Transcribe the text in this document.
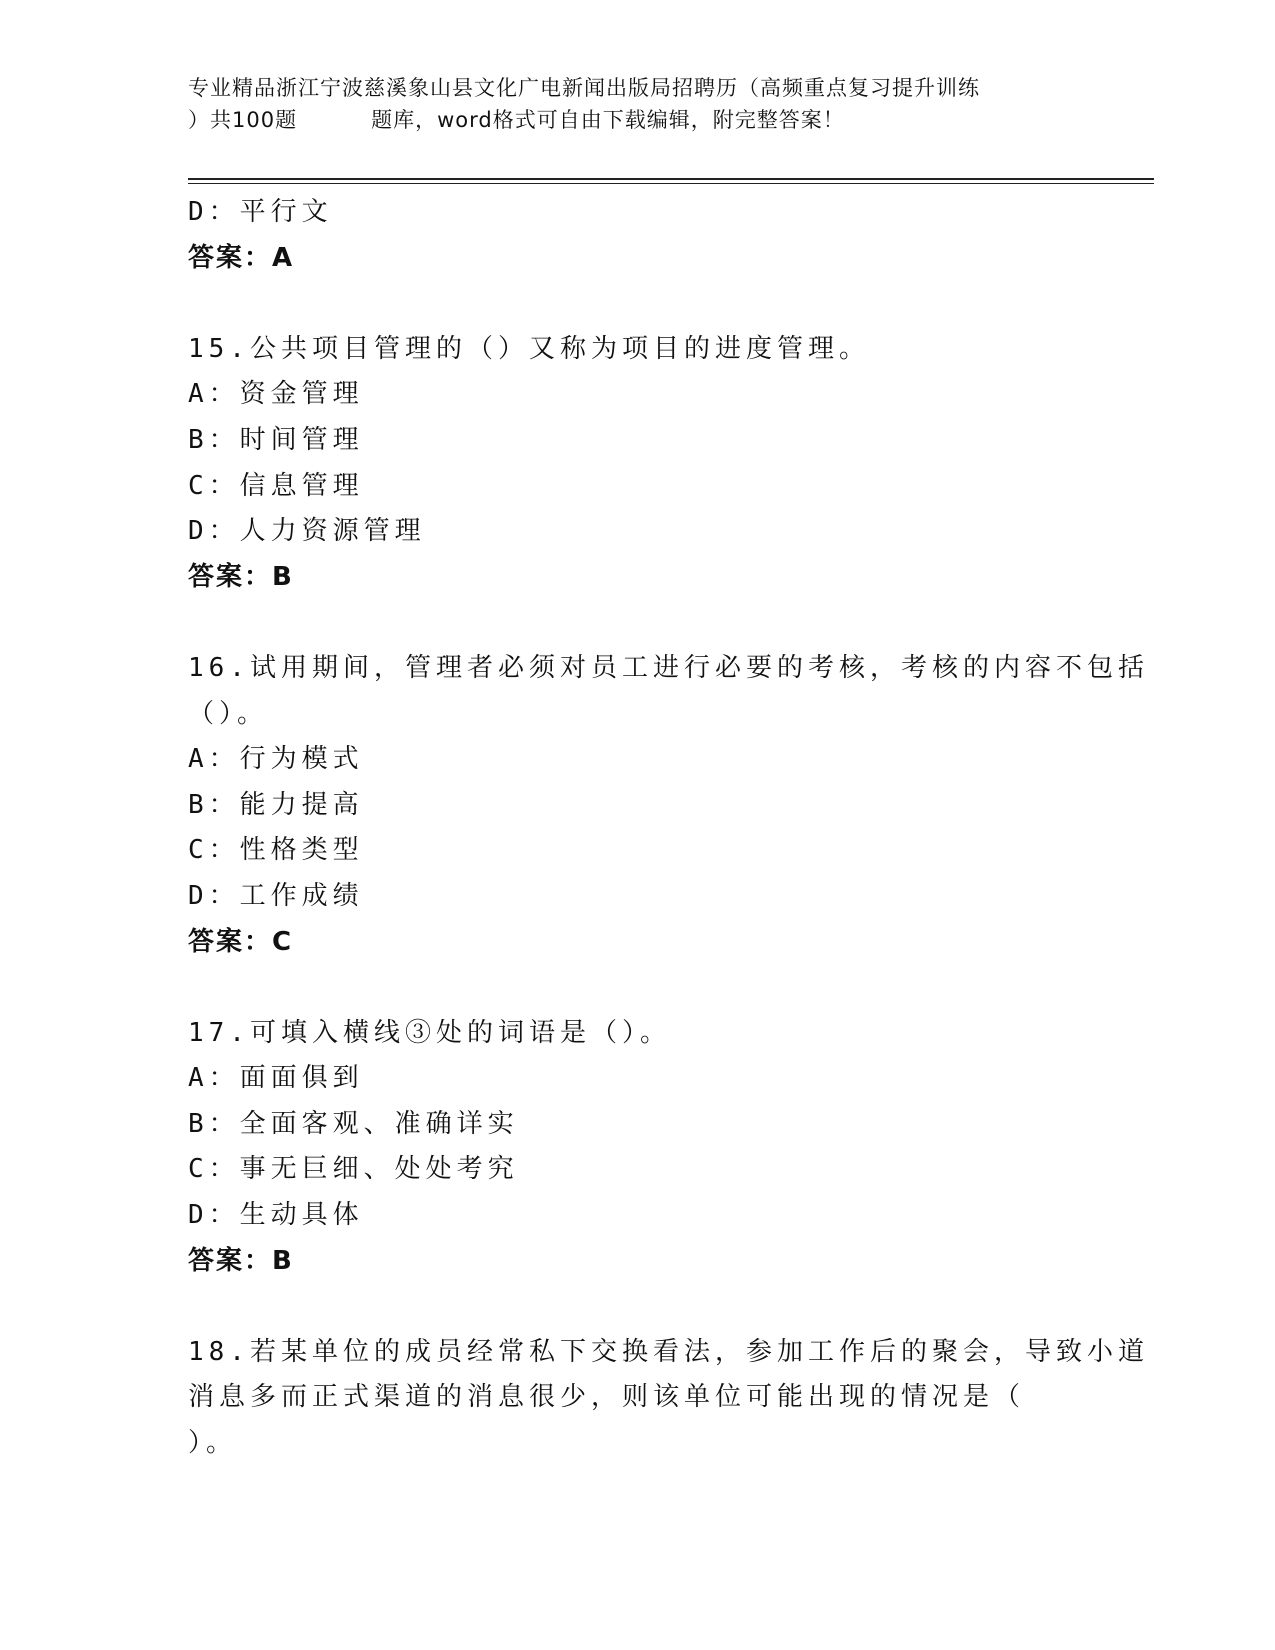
专业精品浙江宁波慈溪象山县文化广电新闻出版局招聘历（高频重点复习提升训练
）共100题	题库，word格式可自由下载编辑，附完整答案！
D：平行文
答案：A
15.公共项目管理的（）又称为项目的进度管理。
A：资金管理
B：时间管理
C：信息管理
D：人力资源管理
答案：B
16.试用期间，管理者必须对员工进行必要的考核，考核的内容不包括
（）。
A：行为模式
B：能力提高
C：性格类型
D：工作成绩
答案：C
17.可填入横线③处的词语是（）。
A：面面俱到
B：全面客观、准确详实
C：事无巨细、处处考究
D：生动具体
答案：B
18.若某单位的成员经常私下交换看法，参加工作后的聚会，导致小道
消息多而正式渠道的消息很少，则该单位可能出现的情况是（
）。
